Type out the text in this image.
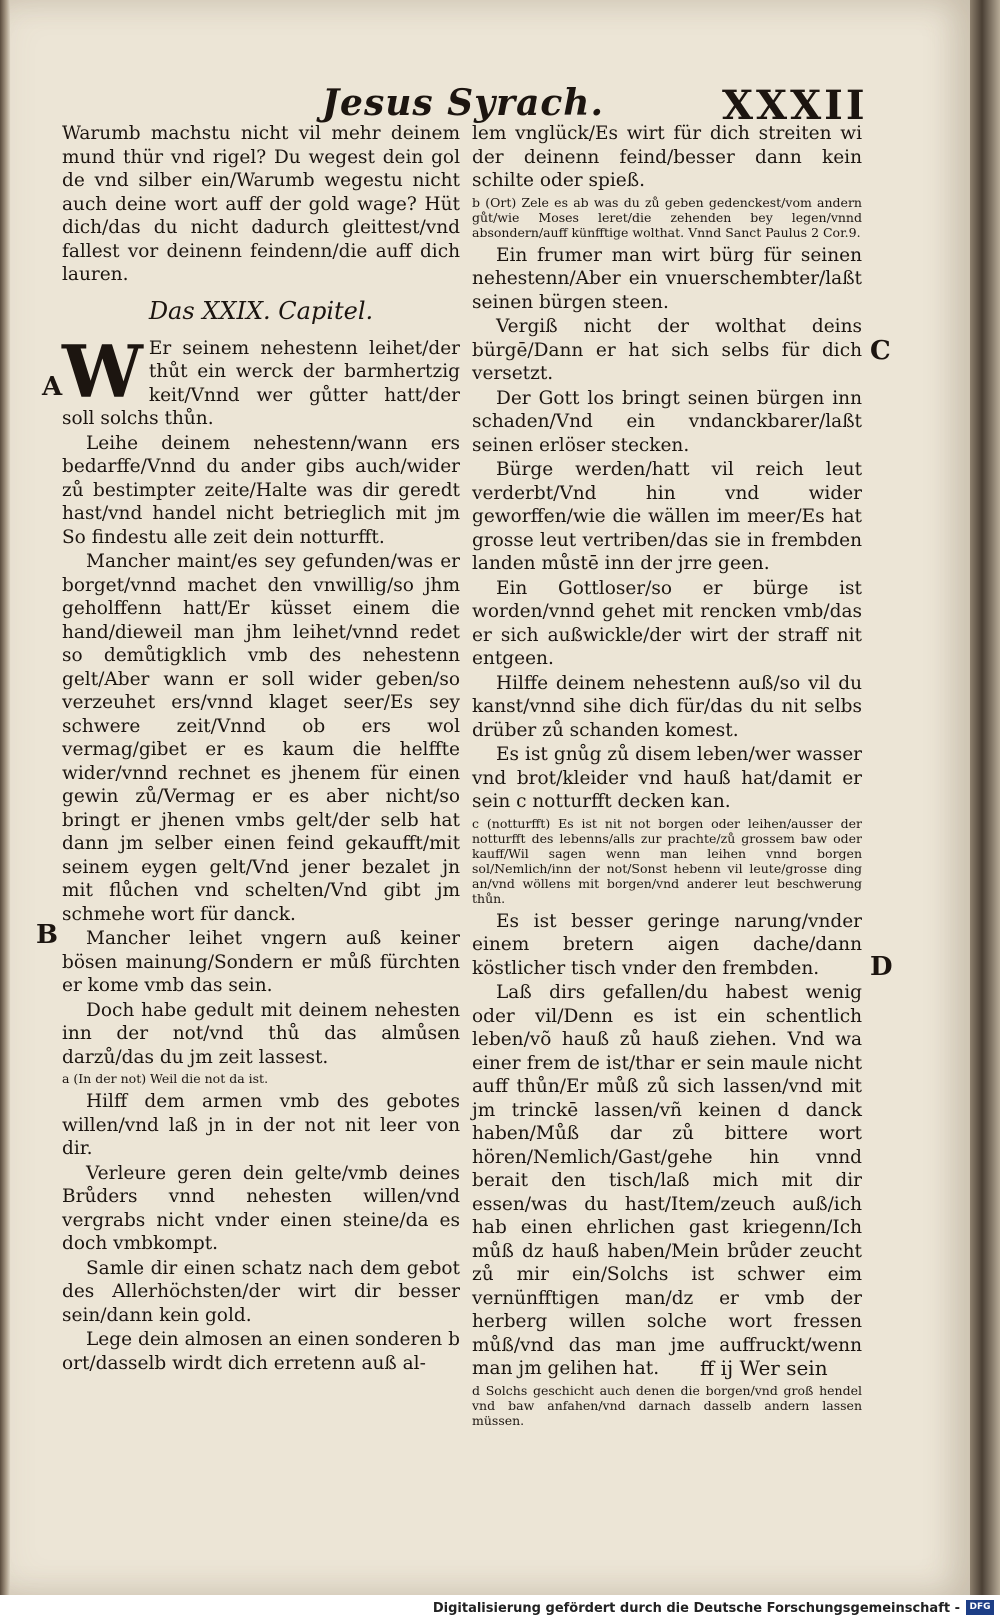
Jesus Syrach.	XXXII

Warumb machstu nicht vil mehr deinem mund thür vnd rigel? Du wegest dein gol de vnd silber ein/Warumb wegestu nicht auch deine wort auff der gold wage? Hüt dich/das du nicht dadurch gleittest/vnd fallest vor deinenn feindenn/die auff dich lauren.

Das XXIX. Capitel.

W Er seinem nehestenn leihet/der thůt ein werck der barmhertzig keit/Vnnd wer gůtter hatt/der soll solchs thůn.

Leihe deinem nehestenn/wann ers bedarffe/Vnnd du ander gibs auch/wider zů bestimpter zeite/Halte was dir geredt hast/vnd handel nicht betrieglich mit jm So findestu alle zeit dein notturfft.

Mancher maint/es sey gefunden/was er borget/vnnd machet den vnwillig/so jhm geholffenn hatt/Er küsset einem die hand/dieweil man jhm leihet/vnnd redet so demůtigklich vmb des nehestenn gelt/Aber wann er soll wider geben/so verzeuhet ers/vnnd klaget seer/Es sey schwere zeit/Vnnd ob ers wol vermag/gibet er es kaum die helffte wider/vnnd rechnet es jhenem für einen gewin zů/Vermag er es aber nicht/so bringt er jhenen vmbs gelt/der selb hat dann jm selber einen feind gekaufft/mit seinem eygen gelt/Vnd jener bezalet jn mit flůchen vnd schelten/Vnd gibt jm schmehe wort für danck.

Mancher leihet vngern auß keiner bösen mainung/Sondern er můß fürchten er kome vmb das sein.

Doch habe gedult mit deinem nehesten inn der not/vnd thů das almůsen darzů/das du jm zeit lassest.

a (In der not) Weil die not da ist.

Hilff dem armen vmb des gebotes willen/vnd laß jn in der not nit leer von dir.

Verleure geren dein gelte/vmb deines Brůders vnnd nehesten willen/vnd vergrabs nicht vnder einen steine/da es doch vmbkompt.

Samle dir einen schatz nach dem gebot des Allerhöchsten/der wirt dir besser sein/dann kein gold.

Lege dein almosen an einen sonderen b ort/dasselb wirdt dich erretenn auß al-

lem vnglück/Es wirt für dich streiten wi der deinenn feind/besser dann kein schilte oder spieß.

b (Ort) Zele es ab was du zů geben gedenckest/vom andern gůt/wie Moses leret/die zehenden bey legen/vnnd absondern/auff künfftige wolthat. Vnnd Sanct Paulus 2 Cor.9.

Ein frumer man wirt bürg für seinen nehestenn/Aber ein vnuerschembter/laßt seinen bürgen steen.

Vergiß nicht der wolthat deins bürgē/Dann er hat sich selbs für dich versetzt.

Der Gott los bringt seinen bürgen inn schaden/Vnd ein vndanckbarer/laßt seinen erlöser stecken.

Bürge werden/hatt vil reich leut verderbt/Vnd hin vnd wider geworffen/wie die wällen im meer/Es hat grosse leut vertriben/das sie in frembden landen můstē inn der jrre geen.

Ein Gottloser/so er bürge ist worden/vnnd gehet mit rencken vmb/das er sich außwickle/der wirt der straff nit entgeen.

Hilffe deinem nehestenn auß/so vil du kanst/vnnd sihe dich für/das du nit selbs drüber zů schanden komest.

Es ist gnůg zů disem leben/wer wasser vnd brot/kleider vnd hauß hat/damit er sein c notturfft decken kan.

c (notturfft) Es ist nit not borgen oder leihen/ausser der notturfft des lebenns/alls zur prachte/zů grossem baw oder kauff/Wil sagen wenn man leihen vnnd borgen sol/Nemlich/inn der not/Sonst hebenn vil leute/grosse ding an/vnd wöllens mit borgen/vnd anderer leut beschwerung thůn.

Es ist besser geringe narung/vnder einem bretern aigen dache/dann köstlicher tisch vnder den frembden.

Laß dirs gefallen/du habest wenig oder vil/Denn es ist ein schentlich leben/võ hauß zů hauß ziehen. Vnd wa einer frem de ist/thar er sein maule nicht auff thůn/Er můß zů sich lassen/vnd mit jm trinckē lassen/vñ keinen d danck haben/Můß dar zů bittere wort hören/Nemlich/Gast/gehe hin vnnd berait den tisch/laß mich mit dir essen/was du hast/Item/zeuch auß/ich hab einen ehrlichen gast kriegenn/Ich můß dz hauß haben/Mein brůder zeucht zů mir ein/Solchs ist schwer eim vernünfftigen man/dz er vmb der herberg willen solche wort fressen můß/vnd das man jme auffruckt/wenn man jm gelihen hat.

d Solchs geschicht auch denen die borgen/vnd groß hendel vnd baw anfahen/vnd darnach dasselb andern lassen müssen.

ff ij Wer sein
A
B
C
D
Digitalisierung gefördert durch die Deutsche Forschungsgemeinschaft -	DFG
